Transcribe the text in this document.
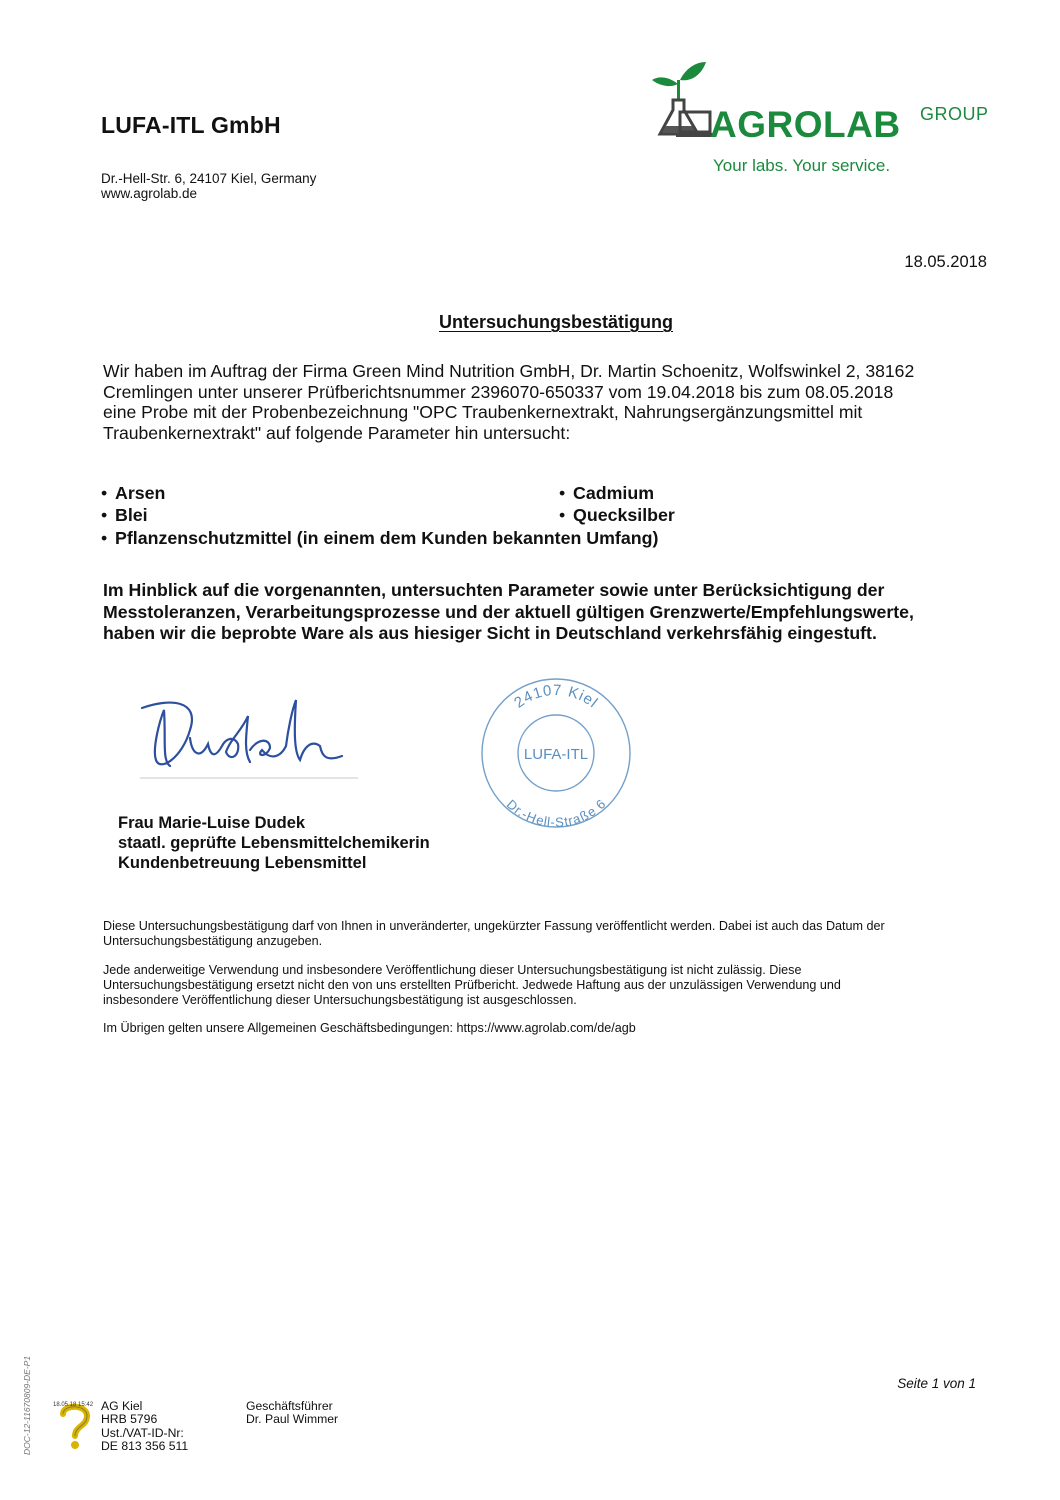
LUFA-ITL GmbH
Dr.-Hell-Str. 6, 24107 Kiel, Germany
www.agrolab.de
AGROLAB GROUP
Your labs. Your service.
18.05.2018
Untersuchungsbestätigung

Wir haben im Auftrag der Firma Green Mind Nutrition GmbH, Dr. Martin Schoenitz, Wolfswinkel 2, 38162

Cremlingen unter unserer Prüfberichtsnummer 2396070-650337 vom 19.04.2018 bis zum 08.05.2018

eine Probe mit der Probenbezeichnung "OPC Traubenkernextrakt, Nahrungsergänzungsmittel mit

Traubenkernextrakt" auf folgende Parameter hin untersucht:

• Arsen	• Cadmium
• Blei	• Quecksilber
• Pflanzenschutzmittel (in einem dem Kunden bekannten Umfang)

Im Hinblick auf die vorgenannten, untersuchten Parameter sowie unter Berücksichtigung der

Messtoleranzen, Verarbeitungsprozesse und der aktuell gültigen Grenzwerte/Empfehlungswerte,

haben wir die beprobte Ware als aus hiesiger Sicht in Deutschland verkehrsfähig eingestuft.

24107 Kiel
LUFA-ITL
Dr.-Hell-Straße 6

Frau Marie-Luise Dudek

staatl. geprüfte Lebensmittelchemikerin

Kundenbetreuung Lebensmittel

Diese Untersuchungsbestätigung darf von Ihnen in unveränderter, ungekürzter Fassung veröffentlicht werden. Dabei ist auch das Datum der
Untersuchungsbestätigung anzugeben.

Jede anderweitige Verwendung und insbesondere Veröffentlichung dieser Untersuchungsbestätigung ist nicht zulässig. Diese
Untersuchungsbestätigung ersetzt nicht den von uns erstellten Prüfbericht. Jedwede Haftung aus der unzulässigen Verwendung und
insbesondere Veröffentlichung dieser Untersuchungsbestätigung ist ausgeschlossen.

Im Übrigen gelten unsere Allgemeinen Geschäftsbedingungen: https://www.agrolab.com/de/agb

Seite 1 von 1
DOC-12-11670809-DE-P1	18.05.18 15:42 AG Kiel

HRB 5796

Ust./VAT-ID-Nr:

DE 813 356 511

Geschäftsführer

Dr. Paul Wimmer
